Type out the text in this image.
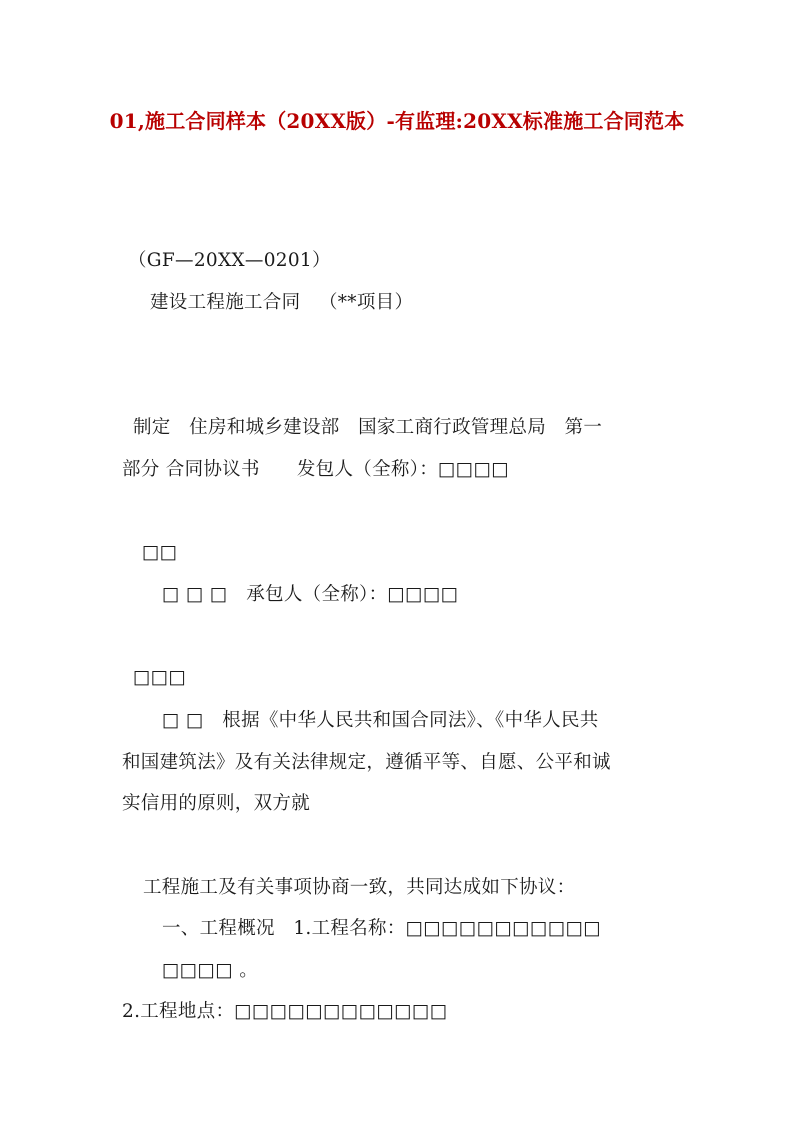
01,施工合同样本（20XX版）-有监理:20XX标准施工合同范本

（GF—20XX—0201）

建设工程施工合同   （**项目）

制定   住房和城乡建设部   国家工商行政管理总局   第一

部分 合同协议书      发包人（全称）：□□□□

□□

□ □ □   承包人（全称）：□□□□

□□□

□ □   根据《中华人民共和国合同法》、《中华人民共

和国建筑法》及有关法律规定，遵循平等、自愿、公平和诚

实信用的原则，双方就

工程施工及有关事项协商一致，共同达成如下协议：

一、工程概况   1.工程名称：□□□□□□□□□□□

□□□□ 。

2.工程地点：□□□□□□□□□□□□
